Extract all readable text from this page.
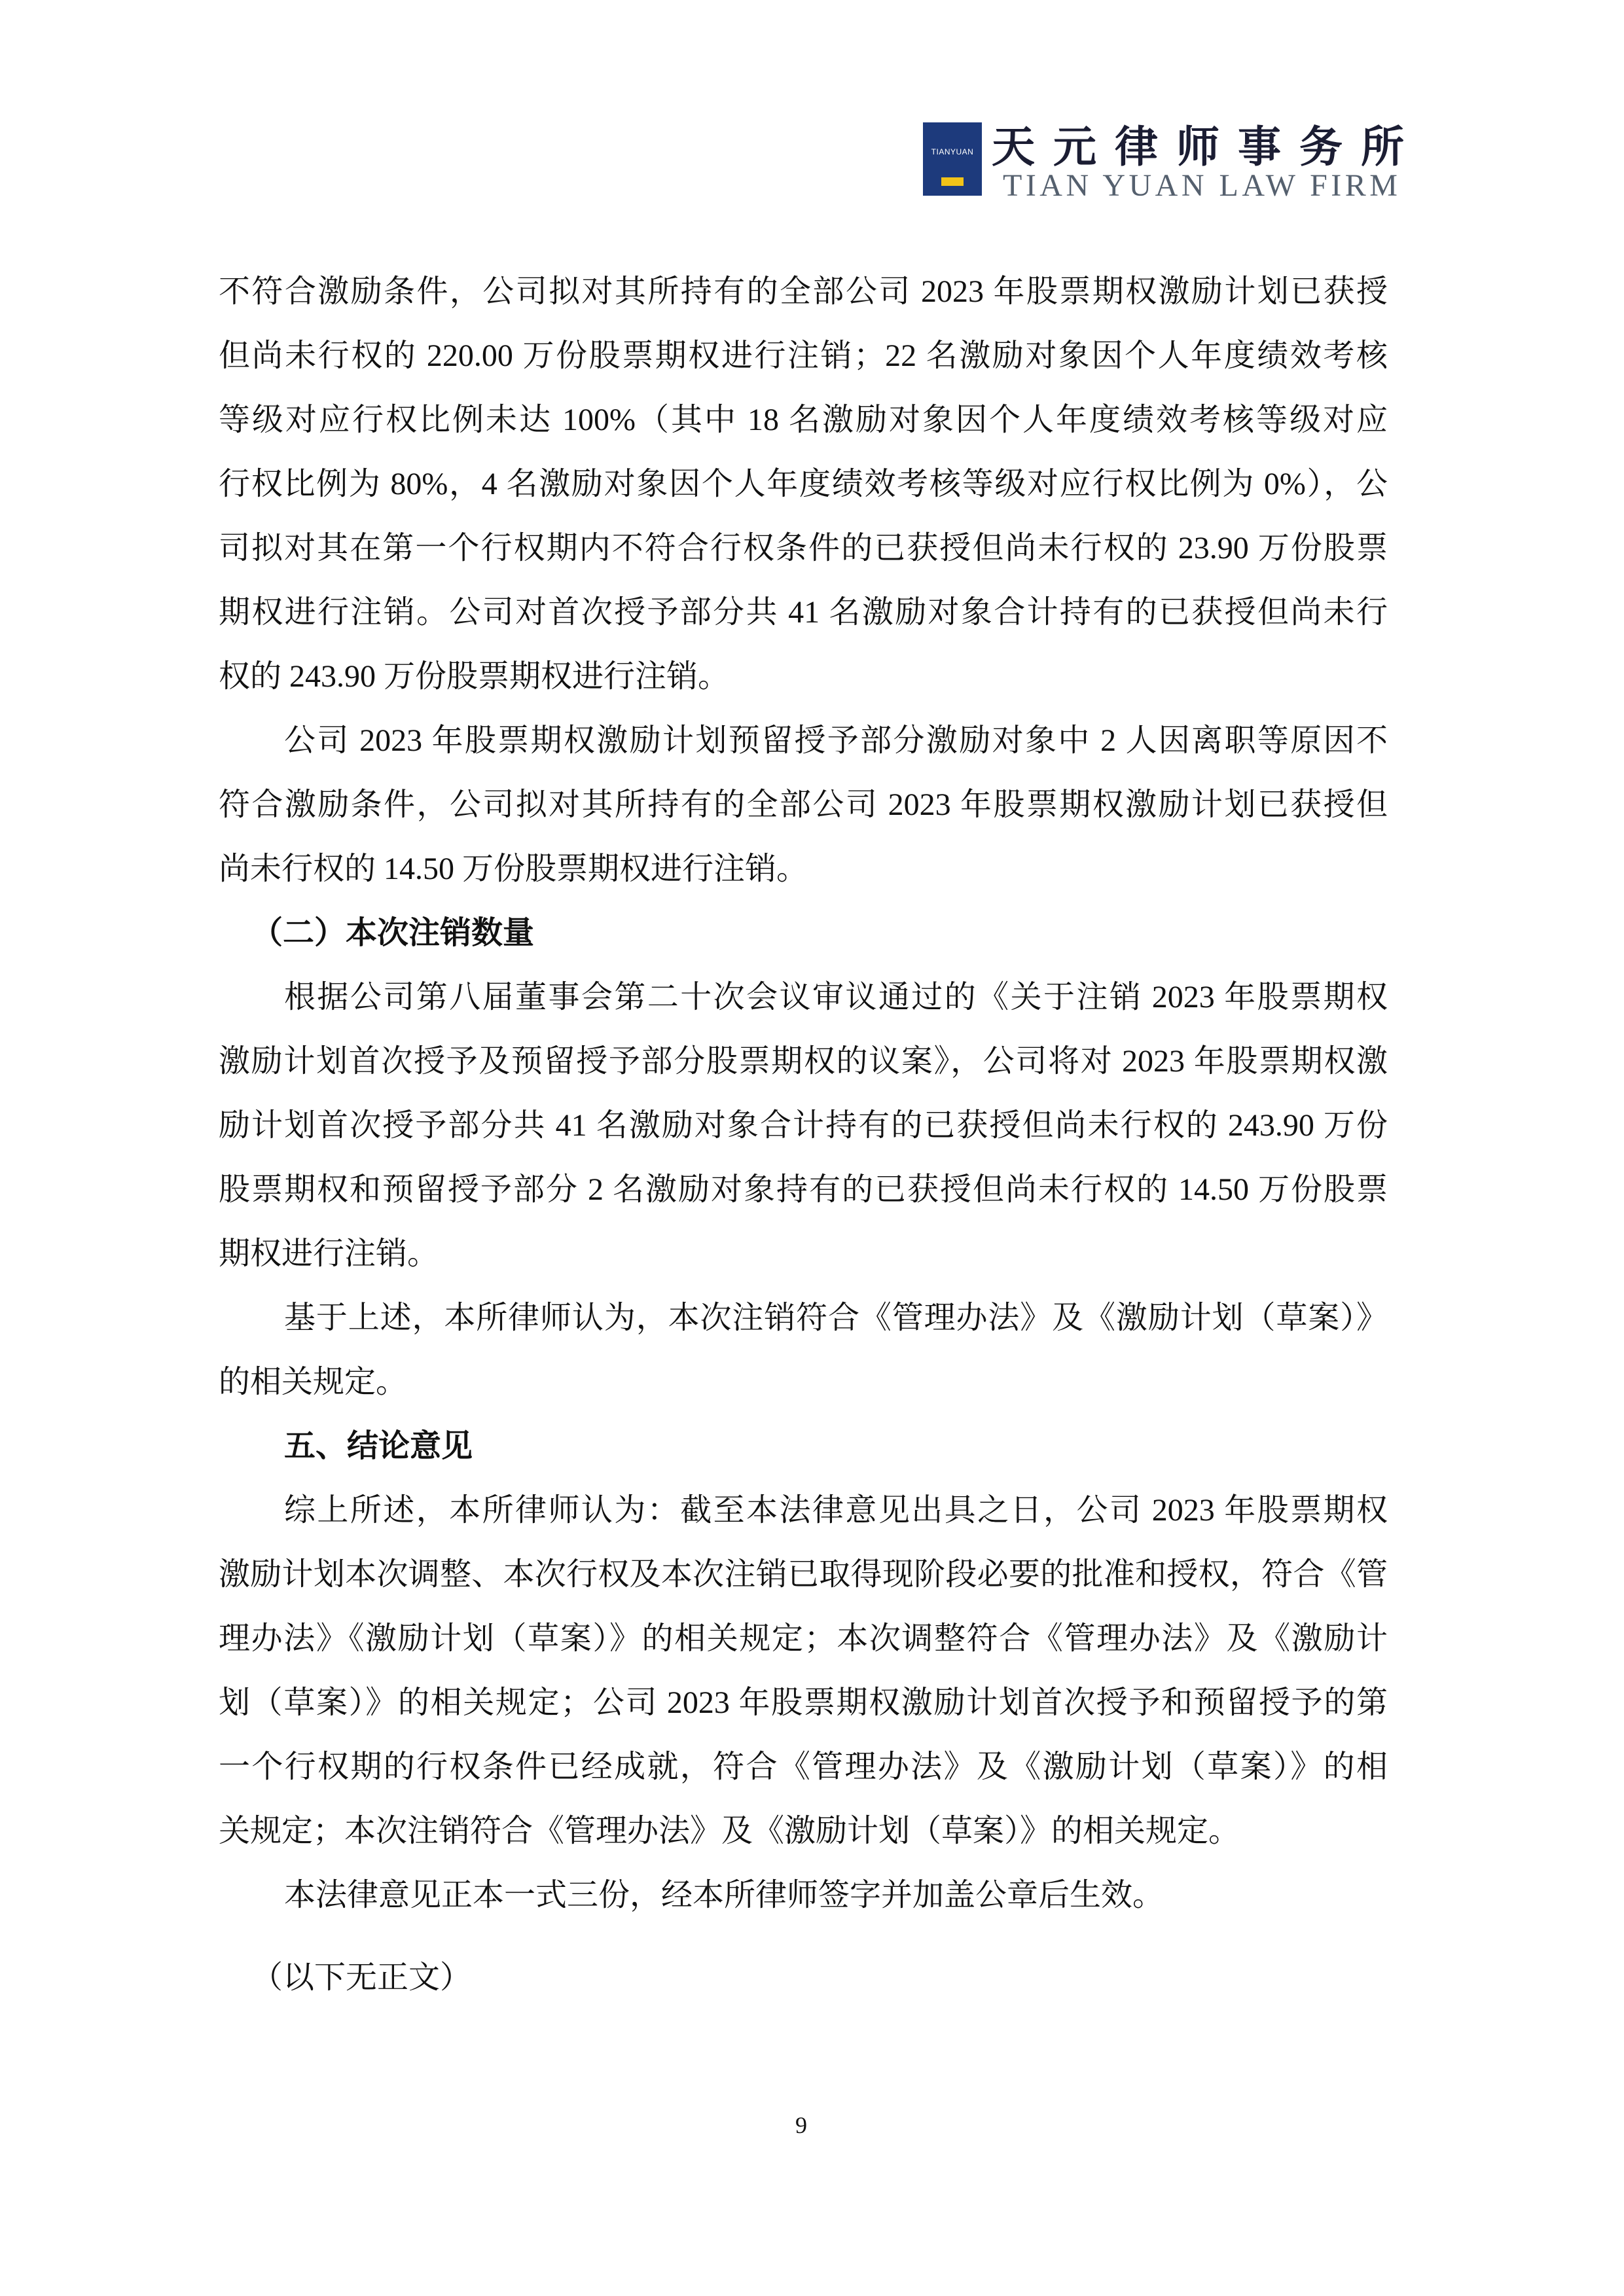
TIANYUAN 天元律师事务所
TIAN YUAN LAW FIRM
不符合激励条件，公司拟对其所持有的全部公司 2023 年股票期权激励计划已获授
但尚未行权的 220.00 万份股票期权进行注销；22 名激励对象因个人年度绩效考核
等级对应行权比例未达 100%（其中 18 名激励对象因个人年度绩效考核等级对应
行权比例为 80%，4 名激励对象因个人年度绩效考核等级对应行权比例为 0%），公
司拟对其在第一个行权期内不符合行权条件的已获授但尚未行权的 23.90 万份股票
期权进行注销。公司对首次授予部分共 41 名激励对象合计持有的已获授但尚未行
权的 243.90 万份股票期权进行注销。
公司 2023 年股票期权激励计划预留授予部分激励对象中 2 人因离职等原因不
符合激励条件，公司拟对其所持有的全部公司 2023 年股票期权激励计划已获授但
尚未行权的 14.50 万份股票期权进行注销。
（二）本次注销数量
根据公司第八届董事会第二十次会议审议通过的《关于注销 2023 年股票期权
激励计划首次授予及预留授予部分股票期权的议案》，公司将对 2023 年股票期权激
励计划首次授予部分共 41 名激励对象合计持有的已获授但尚未行权的 243.90 万份
股票期权和预留授予部分 2 名激励对象持有的已获授但尚未行权的 14.50 万份股票
期权进行注销。
基于上述，本所律师认为，本次注销符合《管理办法》及《激励计划（草案）》
的相关规定。
五、结论意见
综上所述，本所律师认为：截至本法律意见出具之日，公司 2023 年股票期权
激励计划本次调整、本次行权及本次注销已取得现阶段必要的批准和授权，符合《管
理办法》《激励计划（草案）》的相关规定；本次调整符合《管理办法》及《激励计
划（草案）》的相关规定；公司 2023 年股票期权激励计划首次授予和预留授予的第
一个行权期的行权条件已经成就，符合《管理办法》及《激励计划（草案）》的相
关规定；本次注销符合《管理办法》及《激励计划（草案）》的相关规定。
本法律意见正本一式三份，经本所律师签字并加盖公章后生效。
（以下无正文）
9
